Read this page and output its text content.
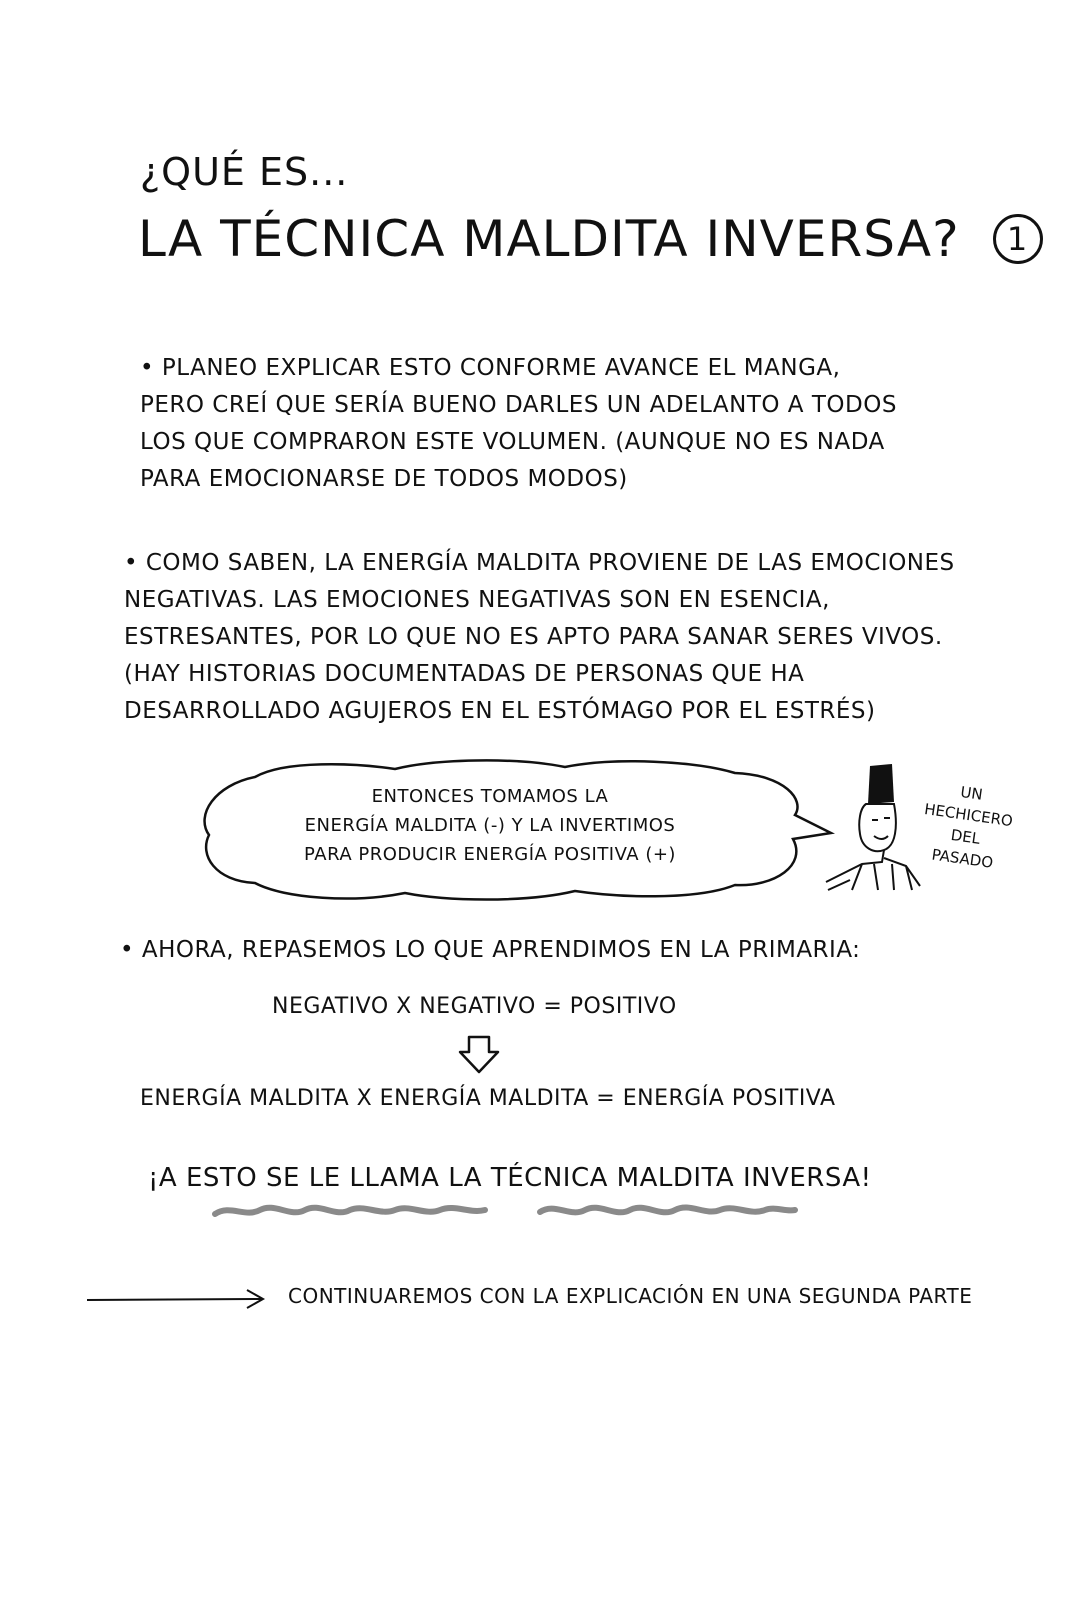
¿QUÉ ES...
LA TÉCNICA MALDITA INVERSA? 1
• PLANEO EXPLICAR ESTO CONFORME AVANCE EL MANGA,
PERO CREÍ QUE SERÍA BUENO DARLES UN ADELANTO A TODOS
LOS QUE COMPRARON ESTE VOLUMEN. (AUNQUE NO ES NADA
PARA EMOCIONARSE DE TODOS MODOS)
• COMO SABEN, LA ENERGÍA MALDITA PROVIENE DE LAS EMOCIONES
NEGATIVAS. LAS EMOCIONES NEGATIVAS SON EN ESENCIA,
ESTRESANTES, POR LO QUE NO ES APTO PARA SANAR SERES VIVOS.
(HAY HISTORIAS DOCUMENTADAS DE PERSONAS QUE HA
DESARROLLADO AGUJEROS EN EL ESTÓMAGO POR EL ESTRÉS)
ENTONCES TOMAMOS LA
ENERGÍA MALDITA (-) Y LA INVERTIMOS
PARA PRODUCIR ENERGÍA POSITIVA (+)
UN
HECHICERO
DEL
PASADO
• AHORA, REPASEMOS LO QUE APRENDIMOS EN LA PRIMARIA:
NEGATIVO X NEGATIVO = POSITIVO
ENERGÍA MALDITA X ENERGÍA MALDITA = ENERGÍA POSITIVA
¡A ESTO SE LE LLAMA LA TÉCNICA MALDITA INVERSA!
CONTINUAREMOS CON LA EXPLICACIÓN EN UNA SEGUNDA PARTE
